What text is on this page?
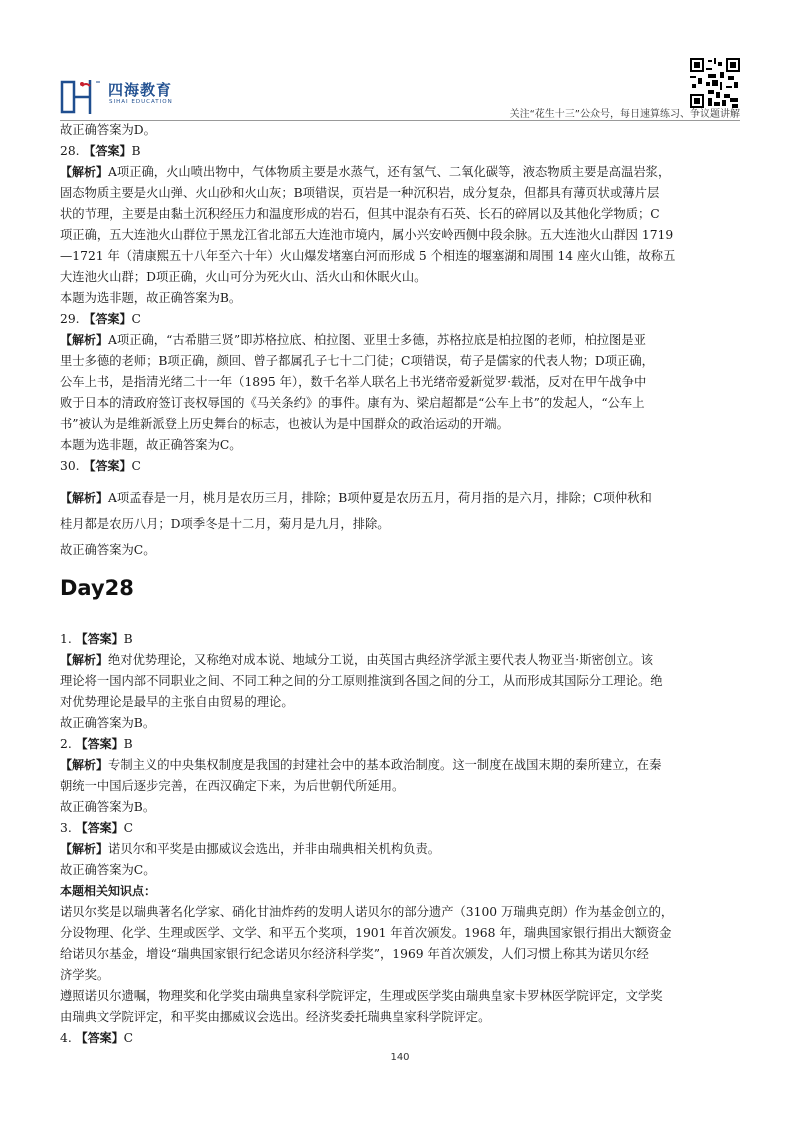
四海教育
SIHAI EDUCATION
关注“花生十三”公众号，每日速算练习、争议题讲解

故正确答案为D。

28. 【答案】B

【解析】A项正确，火山喷出物中，气体物质主要是水蒸气，还有氢气、二氧化碳等，液态物质主要是高温岩浆，

固态物质主要是火山弹、火山砂和火山灰；B项错误，页岩是一种沉积岩，成分复杂，但都具有薄页状或薄片层

状的节理，主要是由黏土沉积经压力和温度形成的岩石，但其中混杂有石英、长石的碎屑以及其他化学物质；C

项正确，五大连池火山群位于黑龙江省北部五大连池市境内，属小兴安岭西侧中段余脉。五大连池火山群因 1719

—1721 年（清康熙五十八年至六十年）火山爆发堵塞白河而形成 5 个相连的堰塞湖和周围 14 座火山锥，故称五

大连池火山群；D项正确，火山可分为死火山、活火山和休眠火山。

本题为选非题，故正确答案为B。

29. 【答案】C

【解析】A项正确，“古希腊三贤”即苏格拉底、柏拉图、亚里士多德，苏格拉底是柏拉图的老师，柏拉图是亚

里士多德的老师；B项正确，颜回、曾子都属孔子七十二门徒；C项错误，荀子是儒家的代表人物；D项正确，

公车上书，是指清光绪二十一年（1895 年），数千名举人联名上书光绪帝爱新觉罗·载湉，反对在甲午战争中

败于日本的清政府签订丧权辱国的《马关条约》的事件。康有为、梁启超都是“公车上书”的发起人，“公车上

书”被认为是维新派登上历史舞台的标志，也被认为是中国群众的政治运动的开端。

本题为选非题，故正确答案为C。

30. 【答案】C

【解析】A项孟春是一月，桃月是农历三月，排除；B项仲夏是农历五月，荷月指的是六月，排除；C项仲秋和

桂月都是农历八月；D项季冬是十二月，菊月是九月，排除。

故正确答案为C。

Day28

1. 【答案】B

【解析】绝对优势理论，又称绝对成本说、地域分工说，由英国古典经济学派主要代表人物亚当·斯密创立。该

理论将一国内部不同职业之间、不同工种之间的分工原则推演到各国之间的分工，从而形成其国际分工理论。绝

对优势理论是最早的主张自由贸易的理论。

故正确答案为B。

2. 【答案】B

【解析】专制主义的中央集权制度是我国的封建社会中的基本政治制度。这一制度在战国末期的秦所建立，在秦

朝统一中国后逐步完善，在西汉确定下来，为后世朝代所延用。

故正确答案为B。

3. 【答案】C

【解析】诺贝尔和平奖是由挪威议会选出，并非由瑞典相关机构负责。

故正确答案为C。

本题相关知识点：

诺贝尔奖是以瑞典著名化学家、硝化甘油炸药的发明人诺贝尔的部分遗产（3100 万瑞典克朗）作为基金创立的，

分设物理、化学、生理或医学、文学、和平五个奖项，1901 年首次颁发。1968 年，瑞典国家银行捐出大额资金

给诺贝尔基金，增设“瑞典国家银行纪念诺贝尔经济科学奖”，1969 年首次颁发，人们习惯上称其为诺贝尔经

济学奖。

遵照诺贝尔遗嘱，物理奖和化学奖由瑞典皇家科学院评定，生理或医学奖由瑞典皇家卡罗林医学院评定，文学奖

由瑞典文学院评定，和平奖由挪威议会选出。经济奖委托瑞典皇家科学院评定。

4. 【答案】C

140
